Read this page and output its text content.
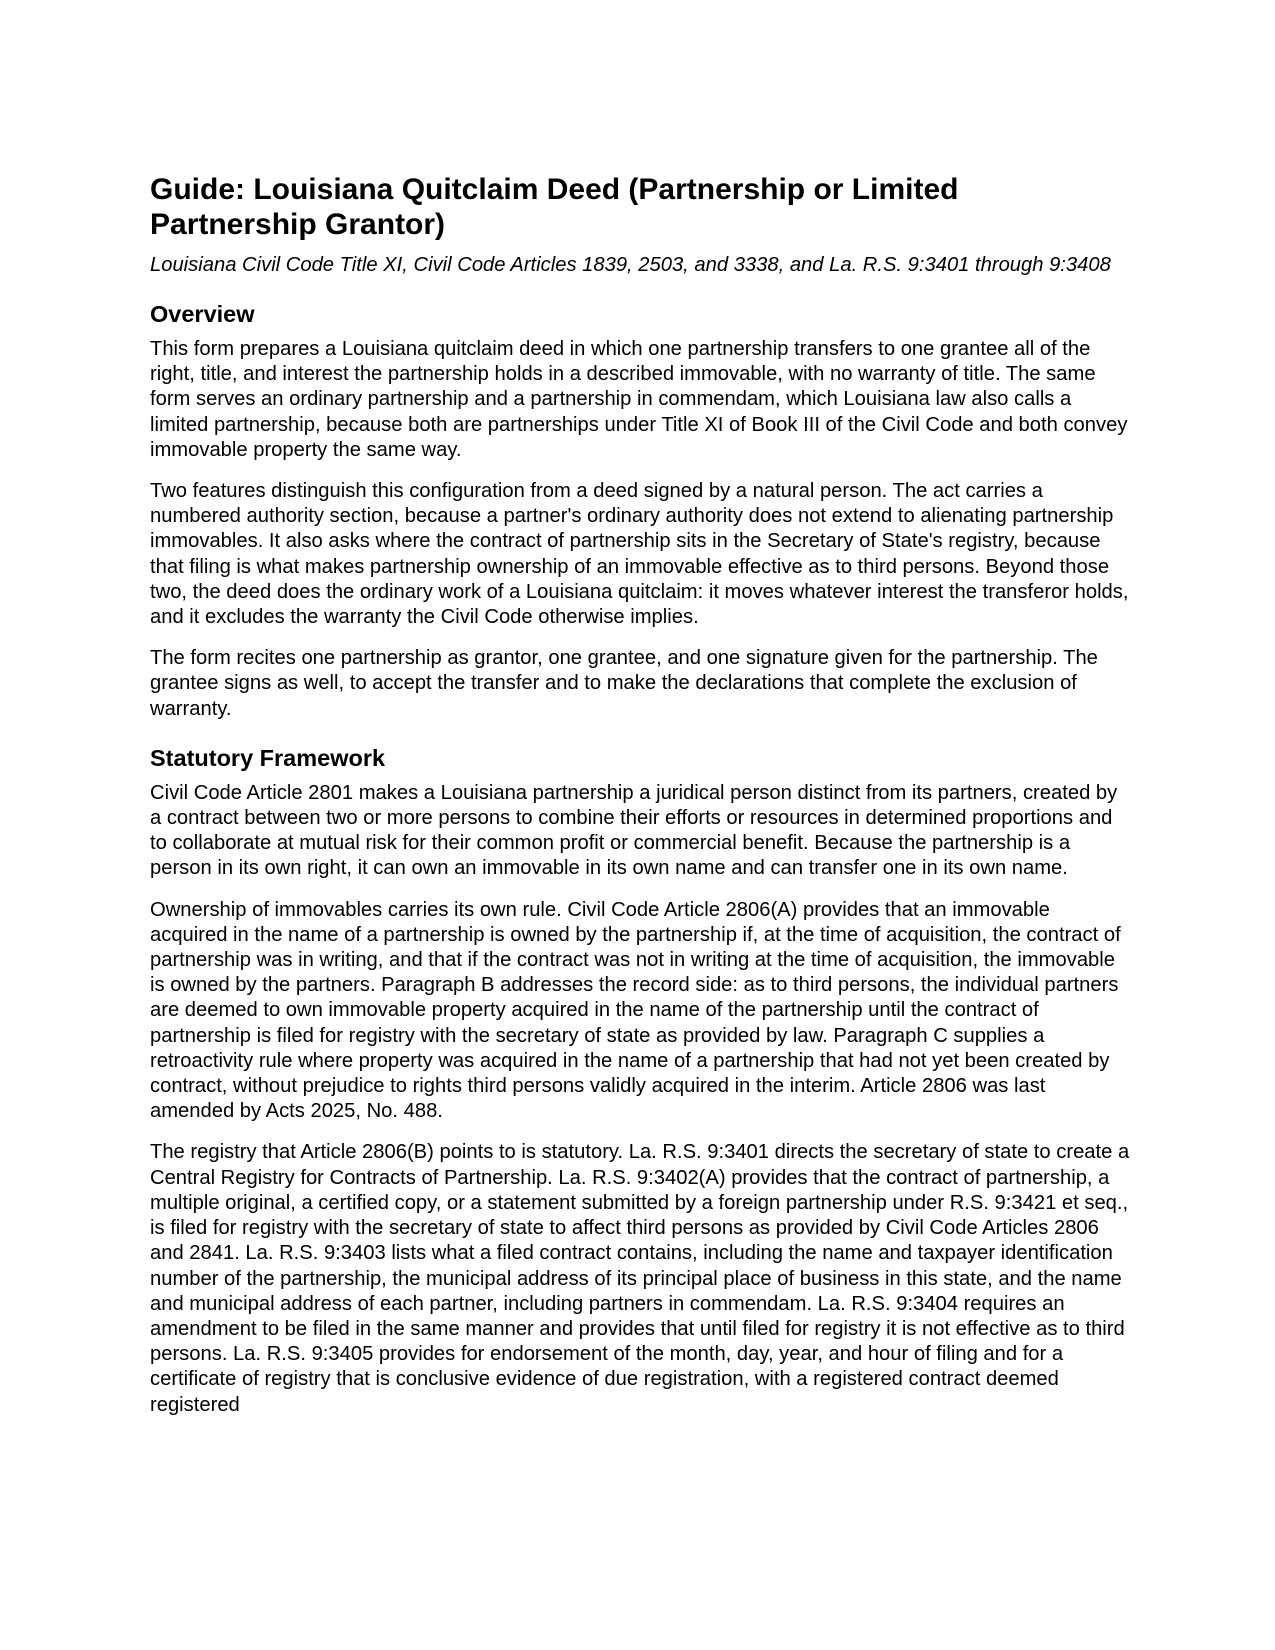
Guide: Louisiana Quitclaim Deed (Partnership or Limited Partnership Grantor)
Louisiana Civil Code Title XI, Civil Code Articles 1839, 2503, and 3338, and La. R.S. 9:3401 through 9:3408
Overview

This form prepares a Louisiana quitclaim deed in which one partnership transfers to one grantee all of the right, title, and interest the partnership holds in a described immovable, with no warranty of title. The same form serves an ordinary partnership and a partnership in commendam, which Louisiana law also calls a limited partnership, because both are partnerships under Title XI of Book III of the Civil Code and both convey immovable property the same way.

Two features distinguish this configuration from a deed signed by a natural person. The act carries a numbered authority section, because a partner's ordinary authority does not extend to alienating partnership immovables. It also asks where the contract of partnership sits in the Secretary of State's registry, because that filing is what makes partnership ownership of an immovable effective as to third persons. Beyond those two, the deed does the ordinary work of a Louisiana quitclaim: it moves whatever interest the transferor holds, and it excludes the warranty the Civil Code otherwise implies.

The form recites one partnership as grantor, one grantee, and one signature given for the partnership. The grantee signs as well, to accept the transfer and to make the declarations that complete the exclusion of warranty.

Statutory Framework

Civil Code Article 2801 makes a Louisiana partnership a juridical person distinct from its partners, created by a contract between two or more persons to combine their efforts or resources in determined proportions and to collaborate at mutual risk for their common profit or commercial benefit. Because the partnership is a person in its own right, it can own an immovable in its own name and can transfer one in its own name.

Ownership of immovables carries its own rule. Civil Code Article 2806(A) provides that an immovable acquired in the name of a partnership is owned by the partnership if, at the time of acquisition, the contract of partnership was in writing, and that if the contract was not in writing at the time of acquisition, the immovable is owned by the partners. Paragraph B addresses the record side: as to third persons, the individual partners are deemed to own immovable property acquired in the name of the partnership until the contract of partnership is filed for registry with the secretary of state as provided by law. Paragraph C supplies a retroactivity rule where property was acquired in the name of a partnership that had not yet been created by contract, without prejudice to rights third persons validly acquired in the interim. Article 2806 was last amended by Acts 2025, No. 488.

The registry that Article 2806(B) points to is statutory. La. R.S. 9:3401 directs the secretary of state to create a Central Registry for Contracts of Partnership. La. R.S. 9:3402(A) provides that the contract of partnership, a multiple original, a certified copy, or a statement submitted by a foreign partnership under R.S. 9:3421 et seq., is filed for registry with the secretary of state to affect third persons as provided by Civil Code Articles 2806 and 2841. La. R.S. 9:3403 lists what a filed contract contains, including the name and taxpayer identification number of the partnership, the municipal address of its principal place of business in this state, and the name and municipal address of each partner, including partners in commendam. La. R.S. 9:3404 requires an amendment to be filed in the same manner and provides that until filed for registry it is not effective as to third persons. La. R.S. 9:3405 provides for endorsement of the month, day, year, and hour of filing and for a certificate of registry that is conclusive evidence of due registration, with a registered contract deemed registered
